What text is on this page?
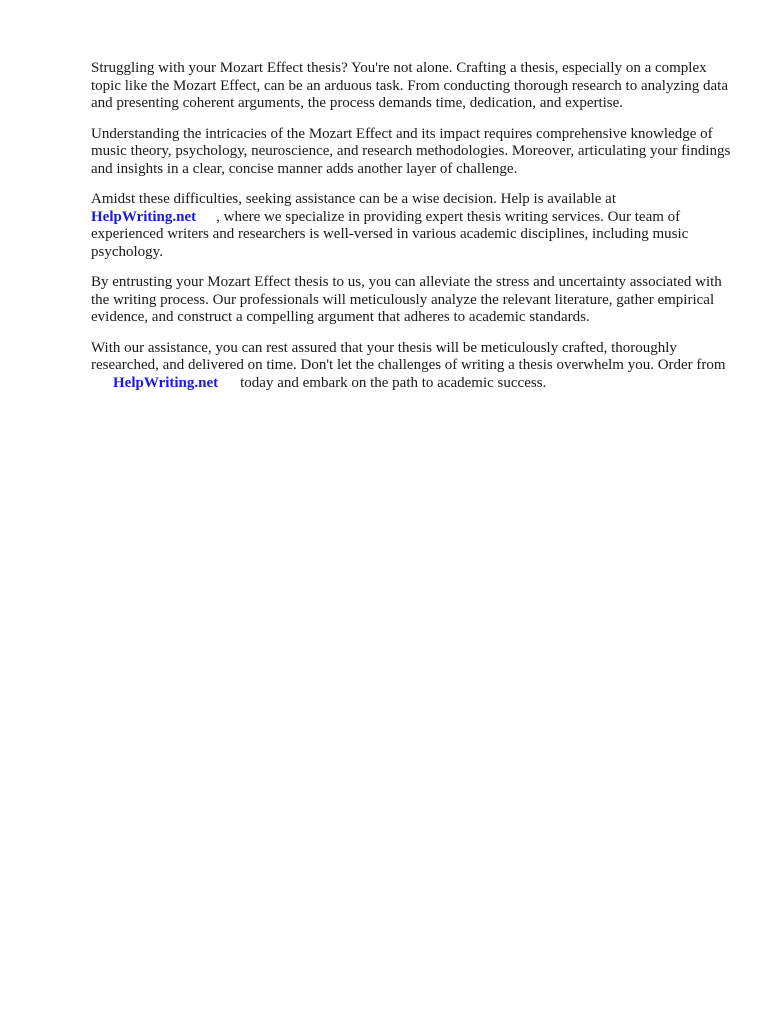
Struggling with your Mozart Effect thesis? You're not alone. Crafting a thesis, especially on a complex topic like the Mozart Effect, can be an arduous task. From conducting thorough research to analyzing data and presenting coherent arguments, the process demands time, dedication, and expertise.

Understanding the intricacies of the Mozart Effect and its impact requires comprehensive knowledge of music theory, psychology, neuroscience, and research methodologies. Moreover, articulating your findings and insights in a clear, concise manner adds another layer of challenge.

Amidst these difficulties, seeking assistance can be a wise decision. Help is available at
HelpWriting.net , where we specialize in providing expert thesis writing services. Our team of experienced writers and researchers is well-versed in various academic disciplines, including music psychology.

By entrusting your Mozart Effect thesis to us, you can alleviate the stress and uncertainty associated with the writing process. Our professionals will meticulously analyze the relevant literature, gather empirical evidence, and construct a compelling argument that adheres to academic standards.

With our assistance, you can rest assured that your thesis will be meticulously crafted, thoroughly researched, and delivered on time. Don't let the challenges of writing a thesis overwhelm you. Order fromHelpWriting.net today and embark on the path to academic success.
